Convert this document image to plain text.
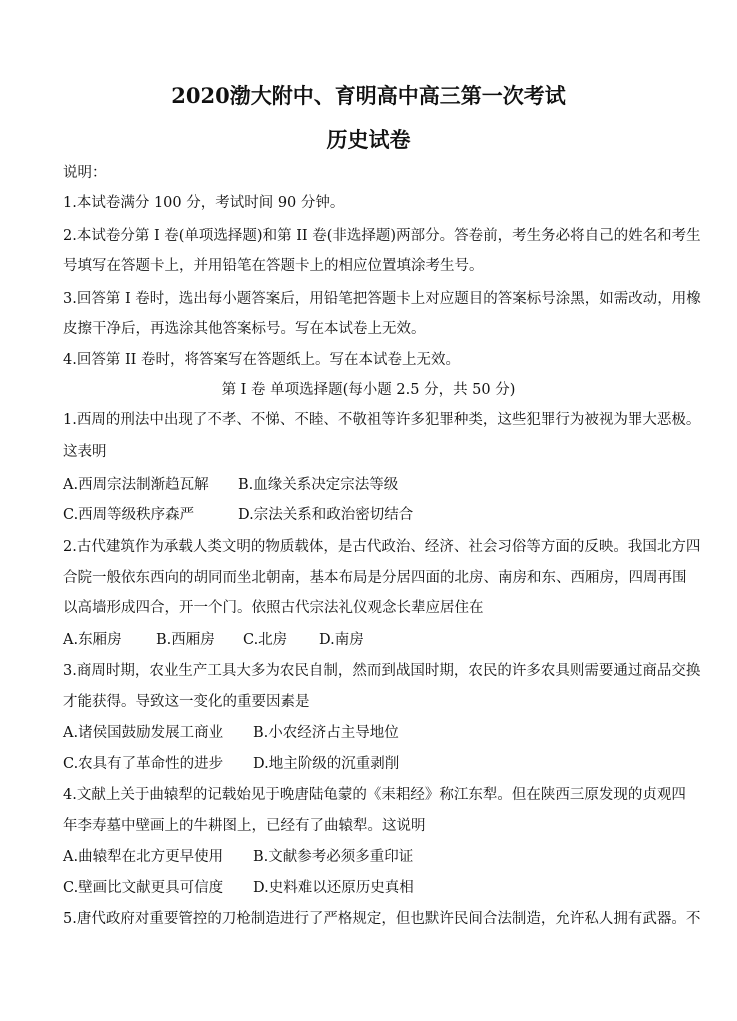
2020渤大附中、育明高中高三第一次考试
历史试卷
说明：
1.本试卷满分 100 分，考试时间 90 分钟。
2.本试卷分第 I 卷(单项选择题)和第 II 卷(非选择题)两部分。答卷前，考生务必将自己的姓名和考生
号填写在答题卡上，并用铅笔在答题卡上的相应位置填涂考生号。
3.回答第 I 卷时，选出每小题答案后，用铅笔把答题卡上对应题目的答案标号涂黑，如需改动，用橡
皮擦干净后，再选涂其他答案标号。写在本试卷上无效。
4.回答第 II 卷时，将答案写在答题纸上。写在本试卷上无效。
第 I 卷 单项选择题(每小题 2.5 分，共 50 分)
1.西周的刑法中出现了不孝、不悌、不睦、不敬祖等许多犯罪种类，这些犯罪行为被视为罪大恶极。
这表明
A.西周宗法制渐趋瓦解 B.血缘关系决定宗法等级
C.西周等级秩序森严	D.宗法关系和政治密切结合
2.古代建筑作为承载人类文明的物质载体，是古代政治、经济、社会习俗等方面的反映。我国北方四
合院一般依东西向的胡同而坐北朝南，基本布局是分居四面的北房、南房和东、西厢房，四周再围
以高墙形成四合，开一个门。依照古代宗法礼仪观念长辈应居住在
A.东厢房 B.西厢房 C.北房 D.南房
3.商周时期，农业生产工具大多为农民自制，然而到战国时期，农民的许多农具则需要通过商品交换
才能获得。导致这一变化的重要因素是
A.诸侯国鼓励发展工商业 B.小农经济占主导地位
C.农具有了革命性的进步 D.地主阶级的沉重剥削
4.文献上关于曲辕犁的记载始见于晚唐陆龟蒙的《耒耜经》称江东犁。但在陕西三原发现的贞观四
年李寿墓中壁画上的牛耕图上，已经有了曲辕犁。这说明
A.曲辕犁在北方更早使用 B.文献参考必须多重印证
C.壁画比文献更具可信度 D.史料难以还原历史真相
5.唐代政府对重要管控的刀枪制造进行了严格规定，但也默许民间合法制造，允许私人拥有武器。不
